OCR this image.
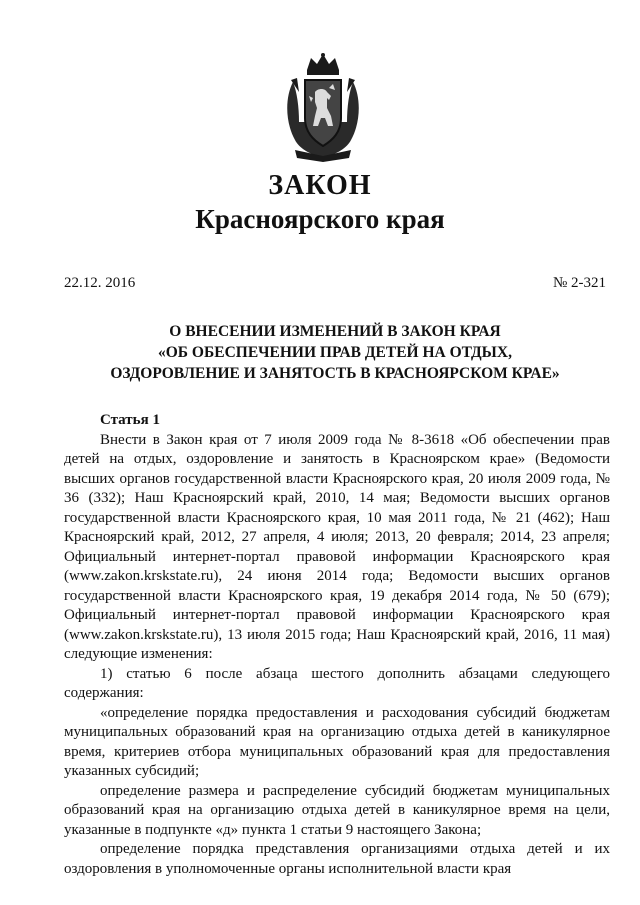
ЗАКОН
Красноярского края
22.12. 2016	№ 2-321
О ВНЕСЕНИИ ИЗМЕНЕНИЙ В ЗАКОН КРАЯ
«ОБ ОБЕСПЕЧЕНИИ ПРАВ ДЕТЕЙ НА ОТДЫХ,
ОЗДОРОВЛЕНИЕ И ЗАНЯТОСТЬ В КРАСНОЯРСКОМ КРАЕ»

Статья 1

Внести в Закон края от 7 июля 2009 года № 8-3618 «Об обеспечении прав детей на отдых, оздоровление и занятость в Красноярском крае» (Ведомости высших органов государственной власти Красноярского края, 20 июля 2009 года, № 36 (332); Наш Красноярский край, 2010, 14 мая; Ведомости высших органов государственной власти Красноярского края, 10 мая 2011 года, № 21 (462); Наш Красноярский край, 2012, 27 апреля, 4 июля; 2013, 20 февраля; 2014, 23 апреля; Официальный интернет-портал правовой информации Красноярского края (www.zakon.krskstate.ru), 24 июня 2014 года; Ведомости высших органов государственной власти Красноярского края, 19 декабря 2014 года, № 50 (679); Официальный интернет-портал правовой информации Красноярского края (www.zakon.krskstate.ru), 13 июля 2015 года; Наш Красноярский край, 2016, 11 мая) следующие изменения:

1) статью 6 после абзаца шестого дополнить абзацами следующего содержания:

«определение порядка предоставления и расходования субсидий бюджетам муниципальных образований края на организацию отдыха детей в каникулярное время, критериев отбора муниципальных образований края для предоставления указанных субсидий;

определение размера и распределение субсидий бюджетам муниципальных образований края на организацию отдыха детей в каникулярное время на цели, указанные в подпункте «д» пункта 1 статьи 9 настоящего Закона;

определение порядка представления организациями отдыха детей и их оздоровления в уполномоченные органы исполнительной власти края
